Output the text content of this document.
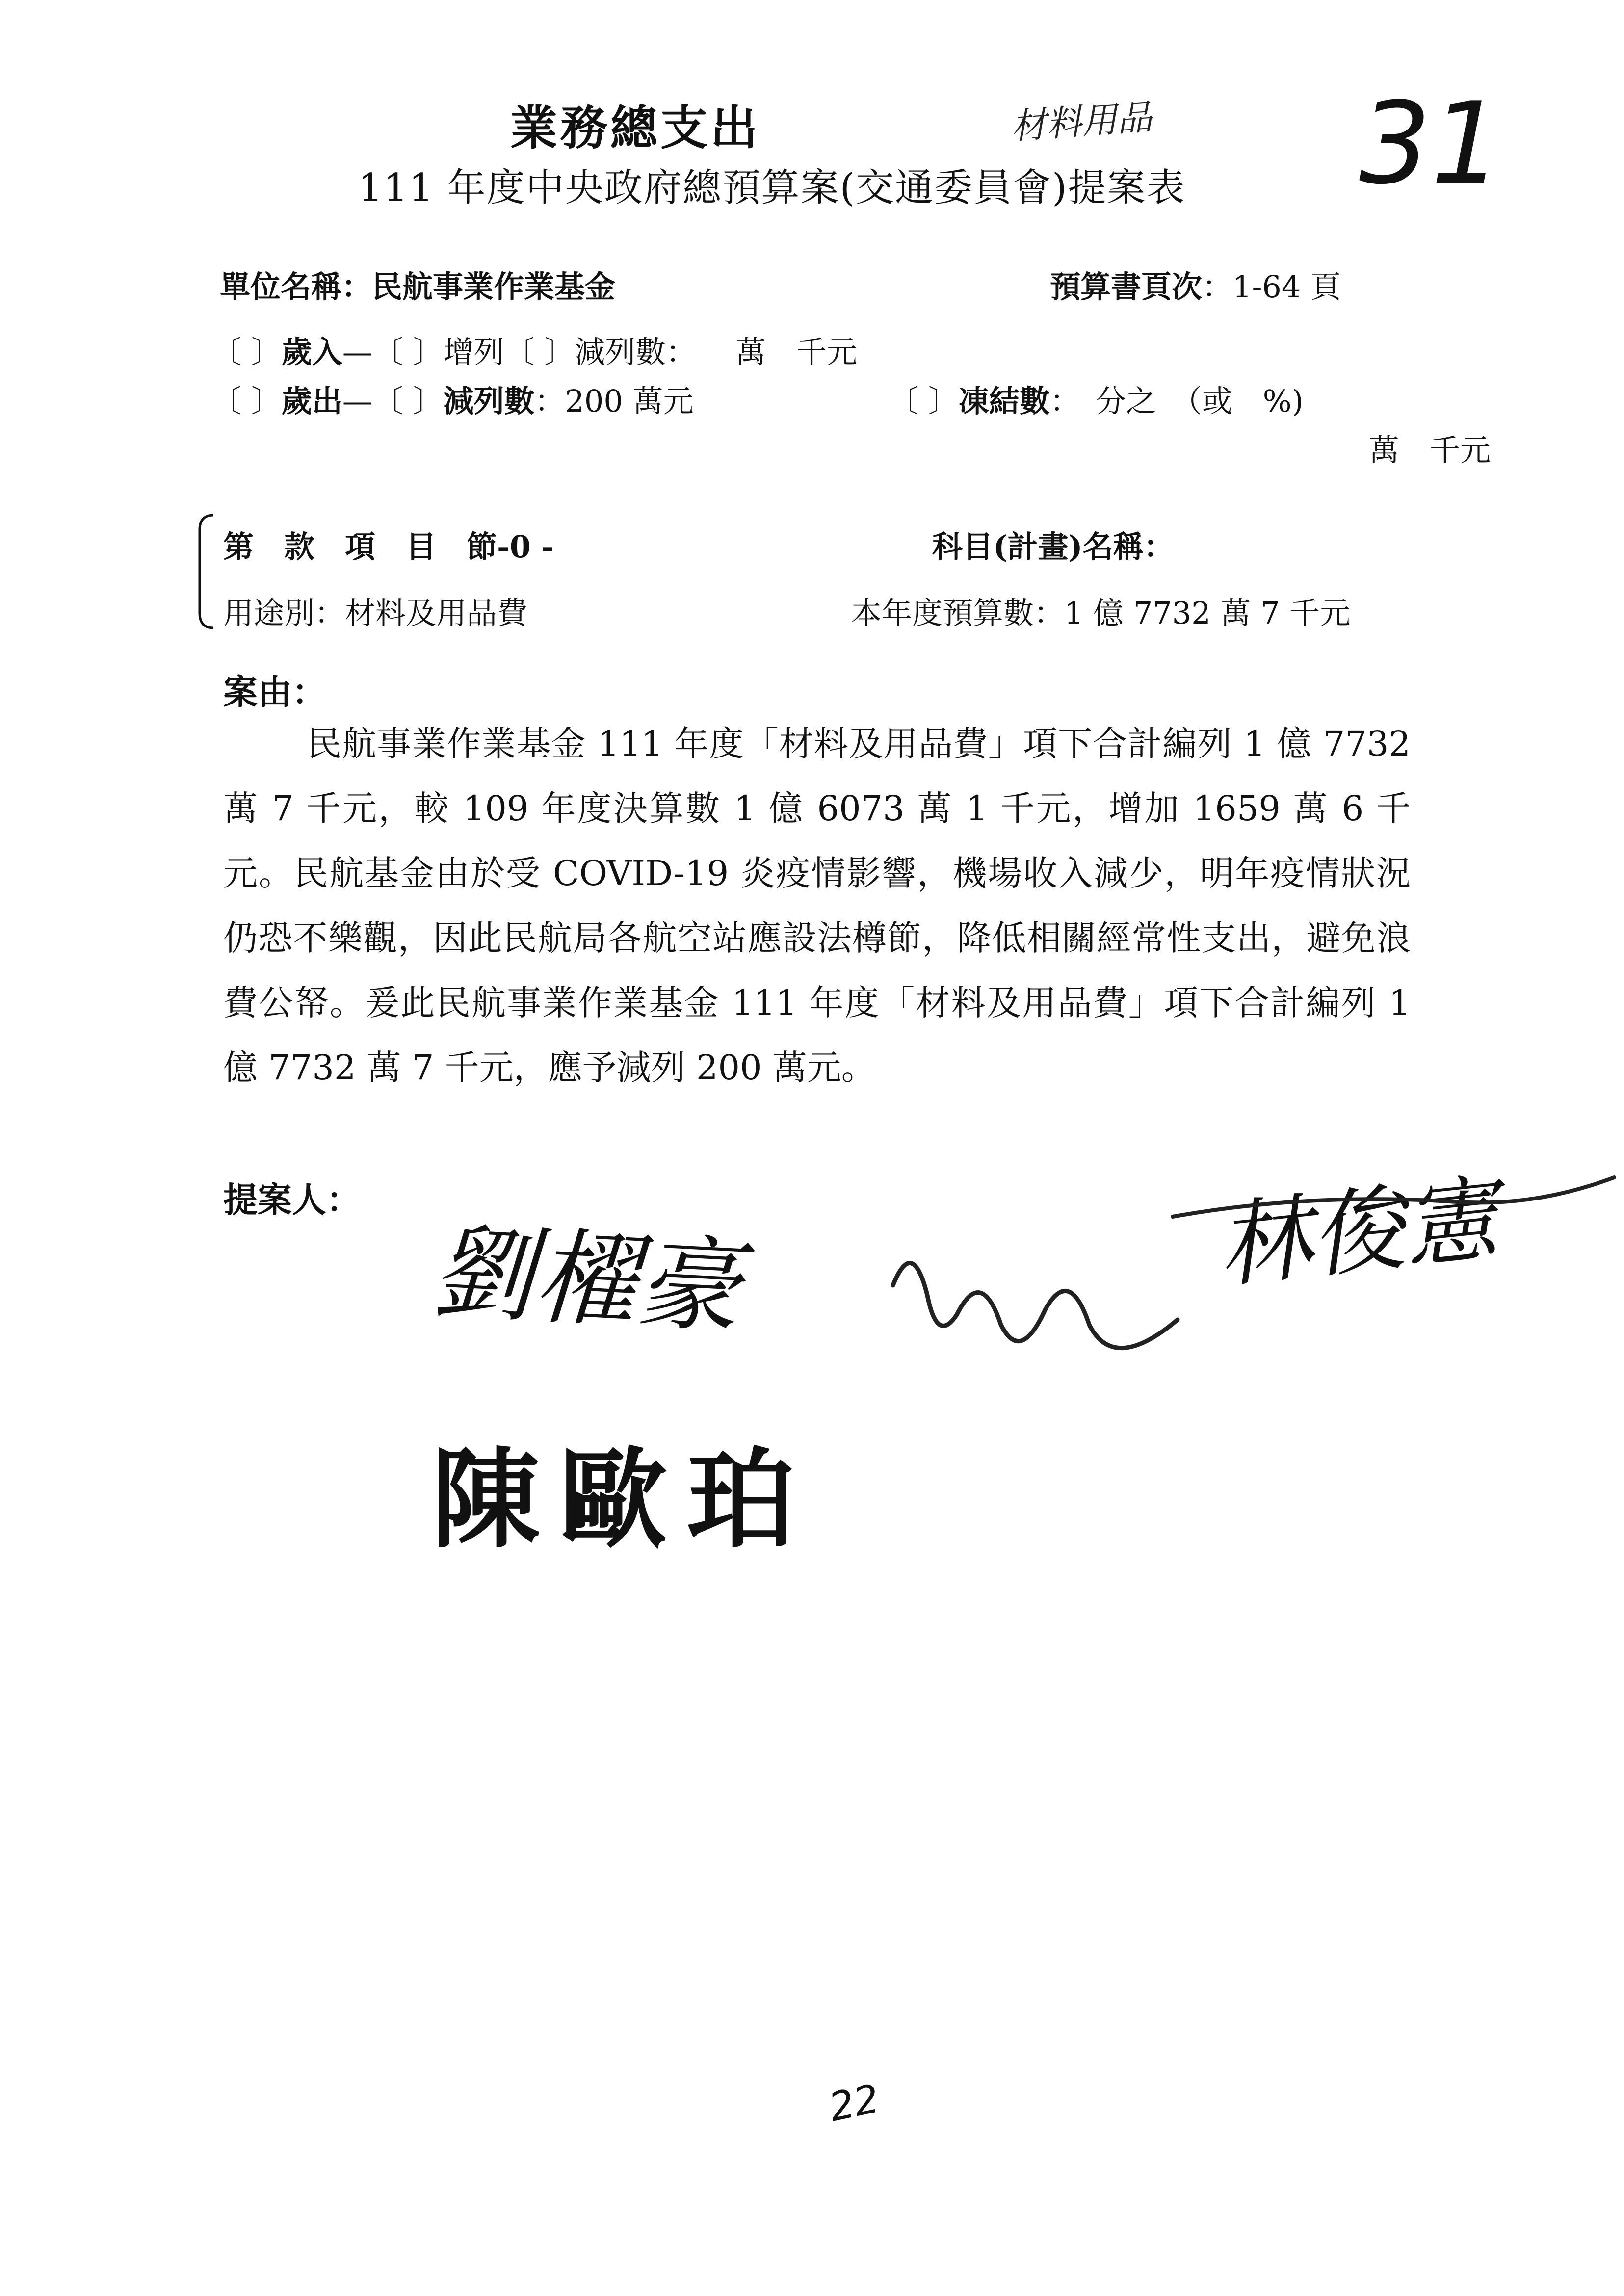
業務總支出
111 年度中央政府總預算案(交通委員會)提案表
材料用品 31
單位名稱：民航事業作業基金	預算書頁次：1-64 頁
〔 〕歲入—〔 〕增列〔 〕減列數： 萬　千元
〔 〕歲出—〔 〕減列數：200 萬元	〔 〕凍結數：　分之　（或　%)
萬　千元
第　款　項　目　節-0 -	科目(計畫)名稱：
用途別：材料及用品費	本年度預算數：1 億 7732 萬 7 千元
案由：
民航事業作業基金 111 年度「材料及用品費」項下合計編列 1 億 7732 萬 7 千元，較 109 年度決算數 1 億 6073 萬 1 千元，增加 1659 萬 6 千元。民航基金由於受 COVID-19 炎疫情影響，機場收入減少，明年疫情狀況仍恐不樂觀，因此民航局各航空站應設法樽節，降低相關經常性支出，避免浪費公帑。爰此民航事業作業基金 111 年度「材料及用品費」項下合計編列 1 億 7732 萬 7 千元，應予減列 200 萬元。
提案人：
劉櫂豪	林俊憲
陳歐珀
22
